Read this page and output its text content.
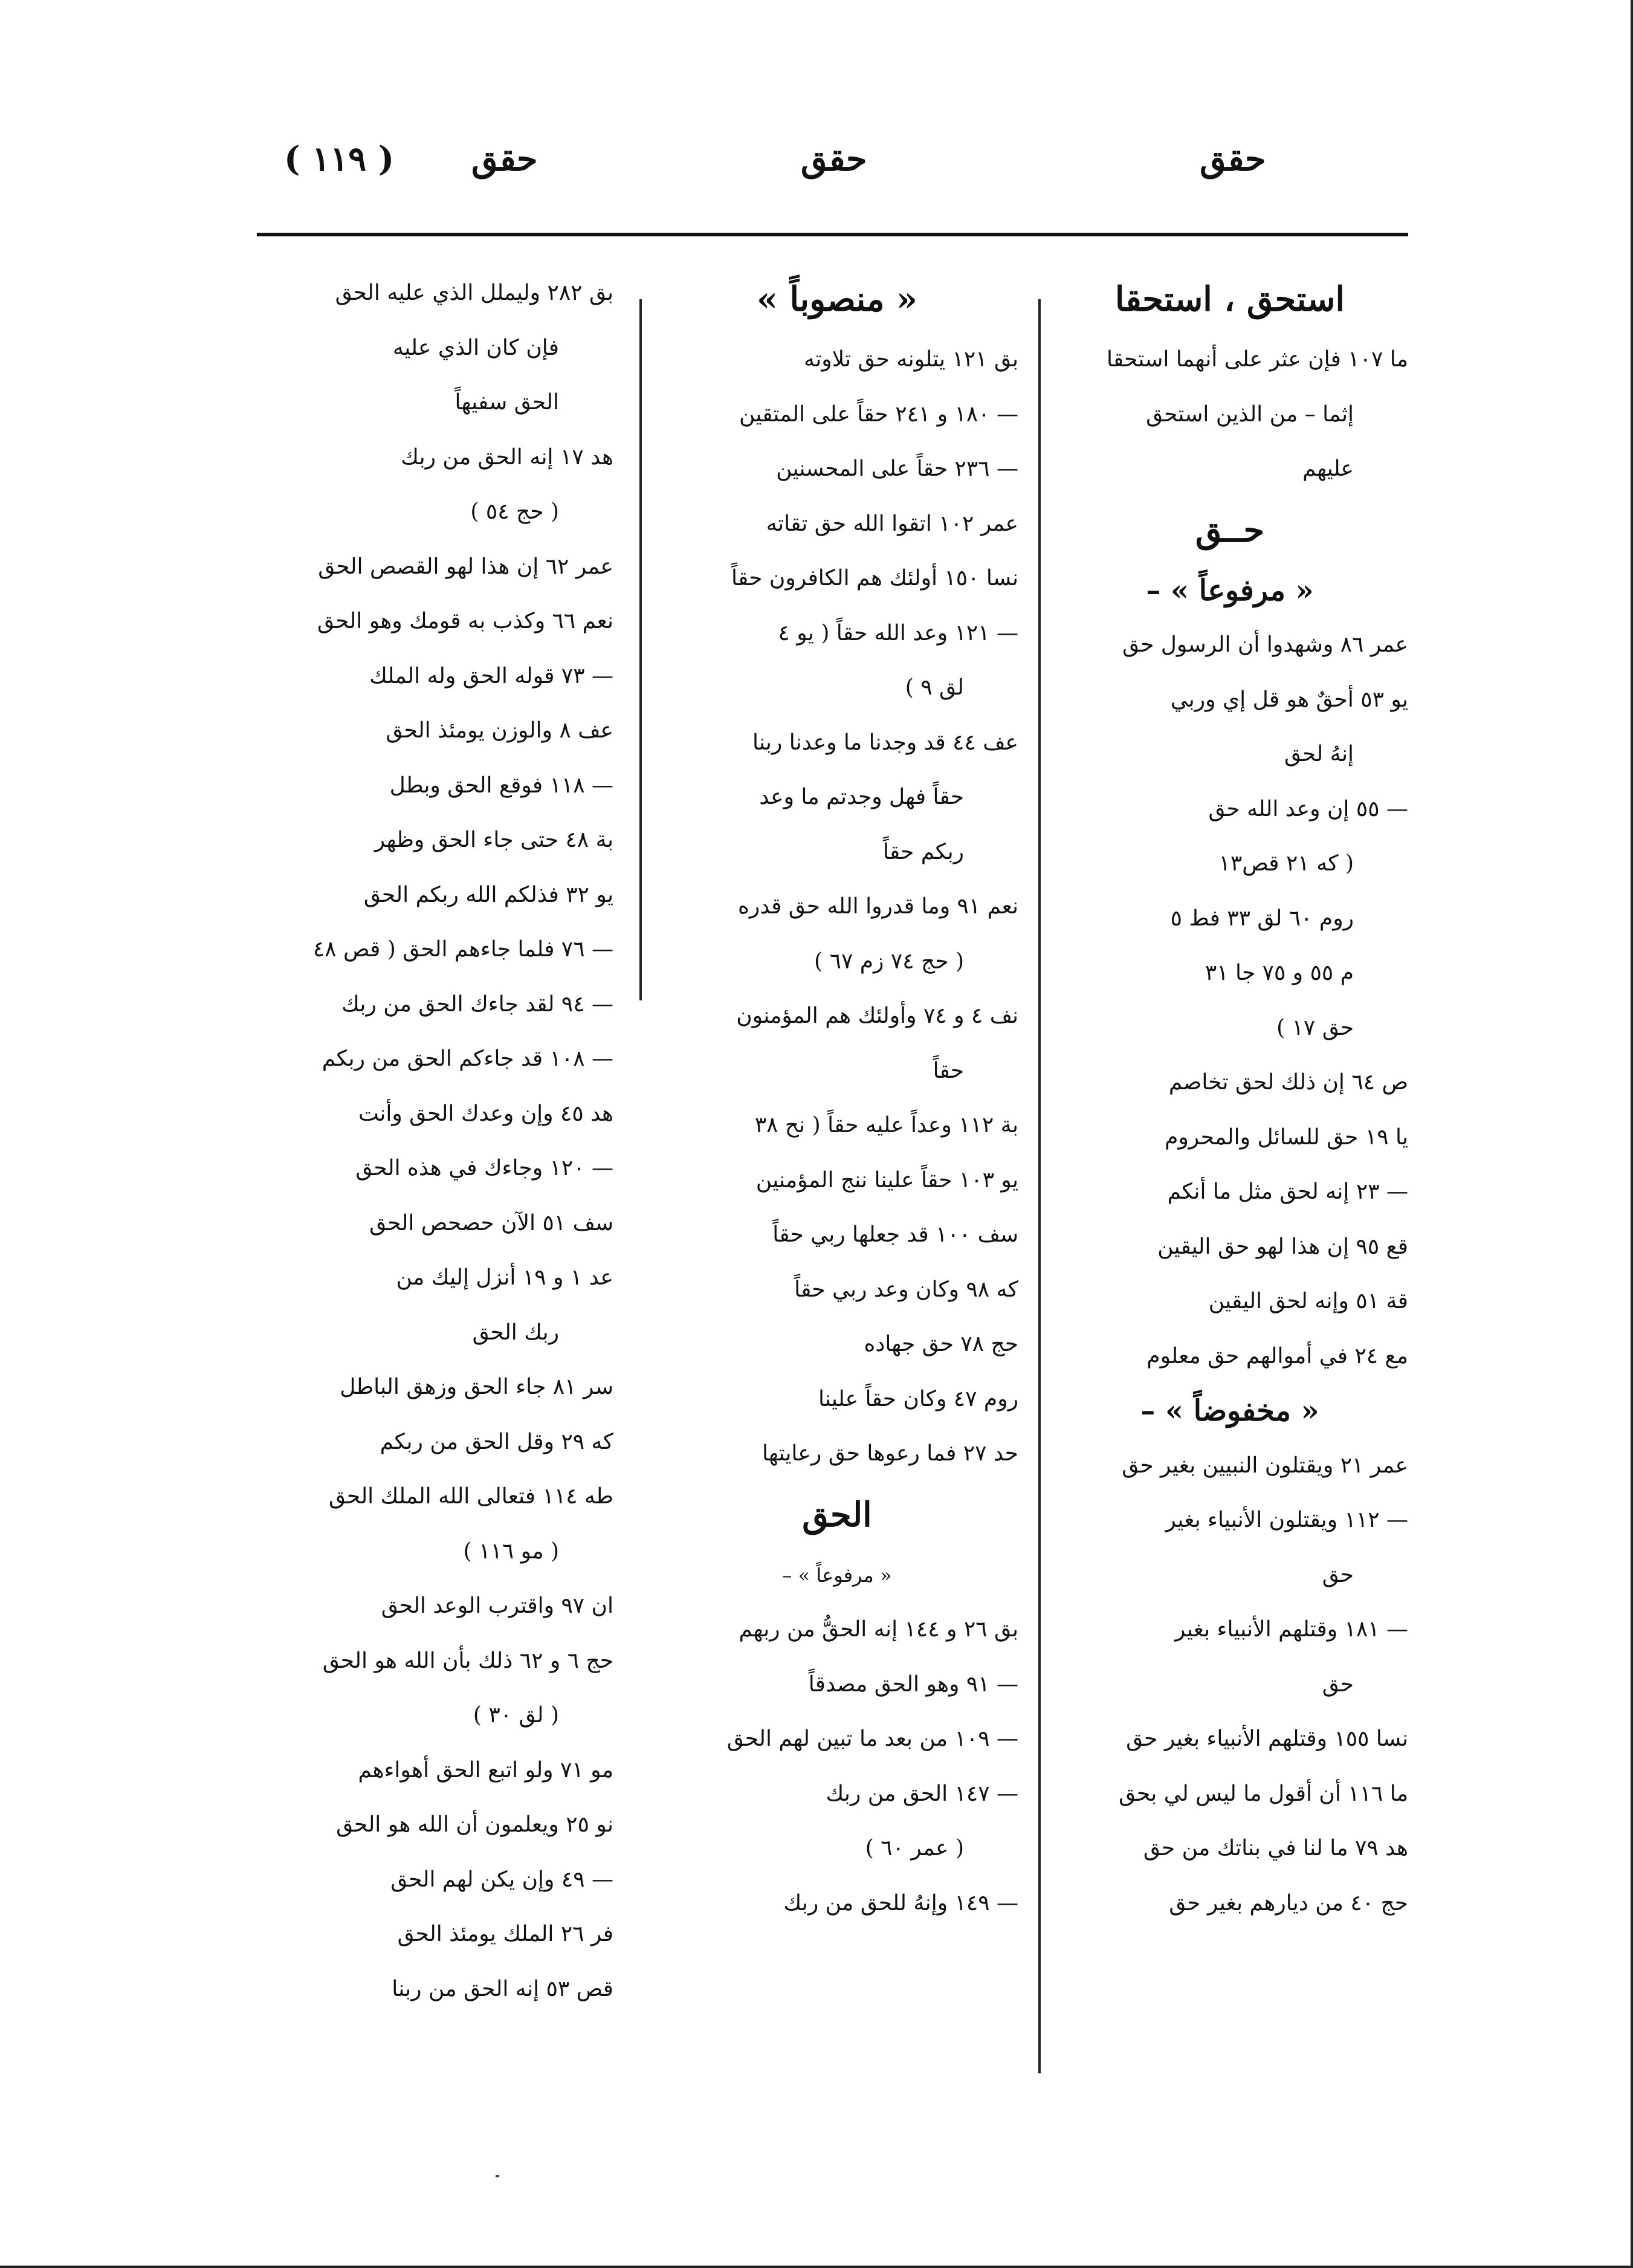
( ١١٩ ) حقق	حقق	حقق
استحق ، استحقا
ما ١٠٧ فإن عثر على أنهما استحقا
إثما – من الذين استحق
عليهم
حــق
« مرفوعاً » –
عمر ٨٦ وشهدوا أن الرسول حق
يو ٥٣ أحقٌ هو قل إي وربي
إنهُ لحق
— ٥٥ إن وعد الله حق
( كه ٢١ قص١٣
روم ٦٠ لق ٣٣ فط ٥
م ٥٥ و ٧٥ جا ٣١
حق ١٧ )
ص ٦٤ إن ذلك لحق تخاصم
يا ١٩ حق للسائل والمحروم
— ٢٣ إنه لحق مثل ما أنكم
قع ٩٥ إن هذا لهو حق اليقين
قة ٥١ وإنه لحق اليقين
مع ٢٤ في أموالهم حق معلوم
« مخفوضاً » –
عمر ٢١ ويقتلون النبيين بغير حق
— ١١٢ ويقتلون الأنبياء بغير
حق
— ١٨١ وقتلهم الأنبياء بغير
حق
نسا ١٥٥ وقتلهم الأنبياء بغير حق
ما ١١٦ أن أقول ما ليس لي بحق
هد ٧٩ ما لنا في بناتك من حق
حج ٤٠ من ديارهم بغير حق
« منصوباً »
بق ١٢١ يتلونه حق تلاوته
— ١٨٠ و ٢٤١ حقاً على المتقين
— ٢٣٦ حقاً على المحسنين
عمر ١٠٢ اتقوا الله حق تقاته
نسا ١٥٠ أولئك هم الكافرون حقاً
— ١٢١ وعد الله حقاً ( يو ٤
لق ٩ )
عف ٤٤ قد وجدنا ما وعدنا ربنا
حقاً فهل وجدتم ما وعد
ربكم حقاً
نعم ٩١ وما قدروا الله حق قدره
( حج ٧٤ زم ٦٧ )
نف ٤ و ٧٤ وأولئك هم المؤمنون
حقاً
بة ١١٢ وعداً عليه حقاً ( نح ٣٨
يو ١٠٣ حقاً علينا ننج المؤمنين
سف ١٠٠ قد جعلها ربي حقاً
كه ٩٨ وكان وعد ربي حقاً
حج ٧٨ حق جهاده
روم ٤٧ وكان حقاً علينا
حد ٢٧ فما رعوها حق رعايتها
الحق
« مرفوعاً » –
بق ٢٦ و ١٤٤ إنه الحقُّ من ربهم
— ٩١ وهو الحق مصدقاً
— ١٠٩ من بعد ما تبين لهم الحق
— ١٤٧ الحق من ربك
( عمر ٦٠ )
— ١٤٩ وإنهُ للحق من ربك
بق ٢٨٢ وليملل الذي عليه الحق
فإن كان الذي عليه
الحق سفيهاً
هد ١٧ إنه الحق من ربك
( حج ٥٤ )
عمر ٦٢ إن هذا لهو القصص الحق
نعم ٦٦ وكذب به قومك وهو الحق
— ٧٣ قوله الحق وله الملك
عف ٨ والوزن يومئذ الحق
— ١١٨ فوقع الحق وبطل
بة ٤٨ حتى جاء الحق وظهر
يو ٣٢ فذلكم الله ربكم الحق
— ٧٦ فلما جاءهم الحق ( قص ٤٨
— ٩٤ لقد جاءك الحق من ربك
— ١٠٨ قد جاءكم الحق من ربكم
هد ٤٥ وإن وعدك الحق وأنت
— ١٢٠ وجاءك في هذه الحق
سف ٥١ الآن حصحص الحق
عد ١ و ١٩ أنزل إليك من
ربك الحق
سر ٨١ جاء الحق وزهق الباطل
كه ٢٩ وقل الحق من ربكم
طه ١١٤ فتعالى الله الملك الحق
( مو ١١٦ )
ان ٩٧ واقترب الوعد الحق
حج ٦ و ٦٢ ذلك بأن الله هو الحق
( لق ٣٠ )
مو ٧١ ولو اتبع الحق أهواءهم
نو ٢٥ ويعلمون أن الله هو الحق
— ٤٩ وإن يكن لهم الحق
فر ٢٦ الملك يومئذ الحق
قص ٥٣ إنه الحق من ربنا
